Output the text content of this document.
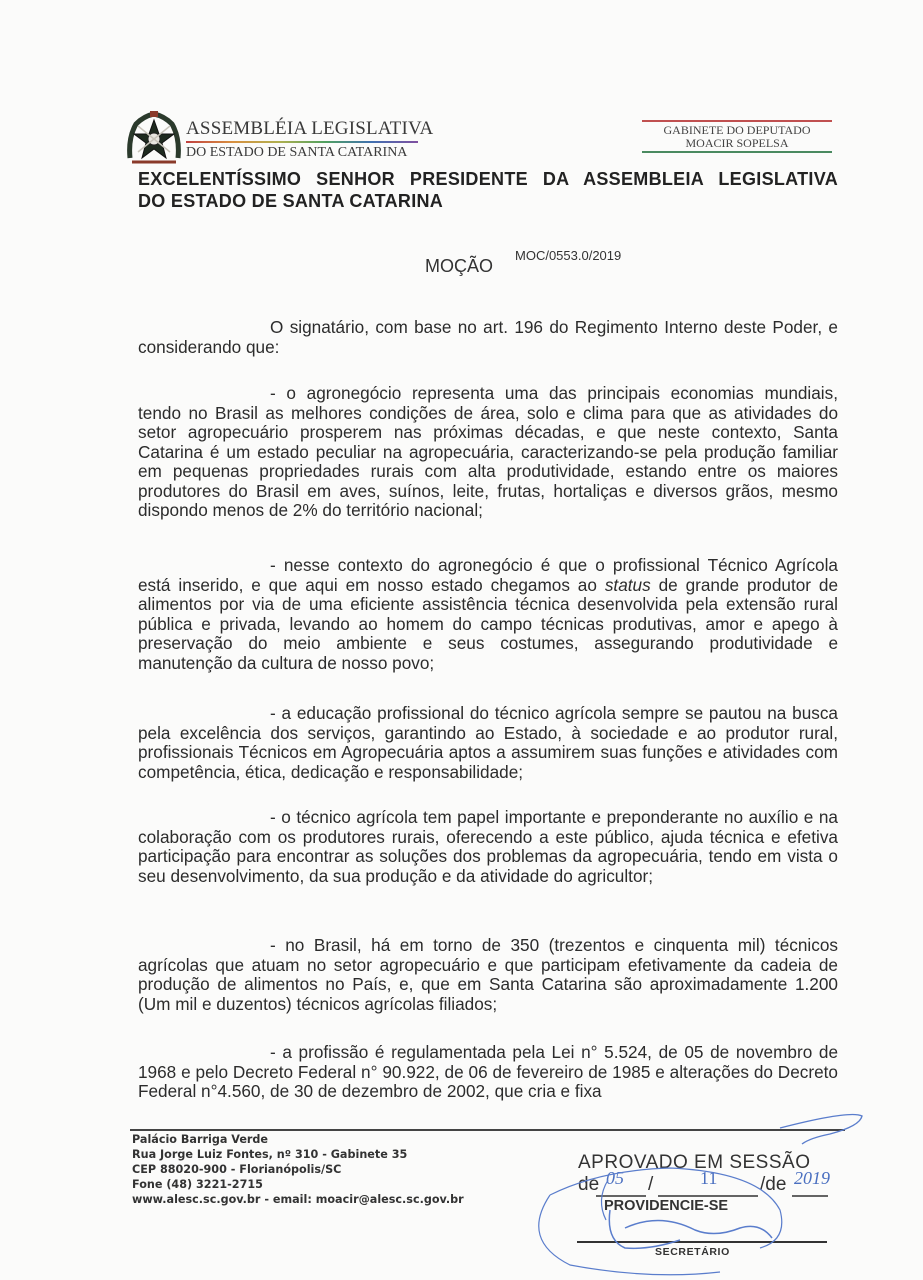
ASSEMBLÉIA LEGISLATIVA
DO ESTADO DE SANTA CATARINA
GABINETE DO DEPUTADO
MOACIR SOPELSA
EXCELENTÍSSIMO SENHOR PRESIDENTE DA ASSEMBLEIA LEGISLATIVA
DO ESTADO DE SANTA CATARINA
MOÇÃO
MOC/0553.0/2019
O signatário, com base no art. 196 do Regimento Interno deste Poder, e considerando que:
- o agronegócio representa uma das principais economias mundiais, tendo no Brasil as melhores condições de área, solo e clima para que as atividades do setor agropecuário prosperem nas próximas décadas, e que neste contexto, Santa Catarina é um estado peculiar na agropecuária, caracterizando-se pela produção familiar em pequenas propriedades rurais com alta produtividade, estando entre os maiores produtores do Brasil em aves, suínos, leite, frutas, hortaliças e diversos grãos, mesmo dispondo menos de 2% do território nacional;
- nesse contexto do agronegócio é que o profissional Técnico Agrícola está inserido, e que aqui em nosso estado chegamos ao status de grande produtor de alimentos por via de uma eficiente assistência técnica desenvolvida pela extensão rural pública e privada, levando ao homem do campo técnicas produtivas, amor e apego à preservação do meio ambiente e seus costumes, assegurando produtividade e manutenção da cultura de nosso povo;
- a educação profissional do técnico agrícola sempre se pautou na busca pela excelência dos serviços, garantindo ao Estado, à sociedade e ao produtor rural, profissionais Técnicos em Agropecuária aptos a assumirem suas funções e atividades com competência, ética, dedicação e responsabilidade;
- o técnico agrícola tem papel importante e preponderante no auxílio e na colaboração com os produtores rurais, oferecendo a este público, ajuda técnica e efetiva participação para encontrar as soluções dos problemas da agropecuária, tendo em vista o seu desenvolvimento, da sua produção e da atividade do agricultor;
- no Brasil, há em torno de 350 (trezentos e cinquenta mil) técnicos agrícolas que atuam no setor agropecuário e que participam efetivamente da cadeia de produção de alimentos no País, e, que em Santa Catarina são aproximadamente 1.200 (Um mil e duzentos) técnicos agrícolas filiados;
- a profissão é regulamentada pela Lei n° 5.524, de 05 de novembro de 1968 e pelo Decreto Federal n° 90.922, de 06 de fevereiro de 1985 e alterações do Decreto Federal n°4.560, de 30 de dezembro de 2002, que cria e fixa
Palácio Barriga Verde
Rua Jorge Luiz Fontes, nº 310 - Gabinete 35
CEP 88020-900 - Florianópolis/SC
Fone (48) 3221-2715
www.alesc.sc.gov.br - email: moacir@alesc.sc.gov.br
APROVADO EM SESSÃO
de 05 /	11 /de 2019
PROVIDENCIE-SE
SECRETÁRIO
